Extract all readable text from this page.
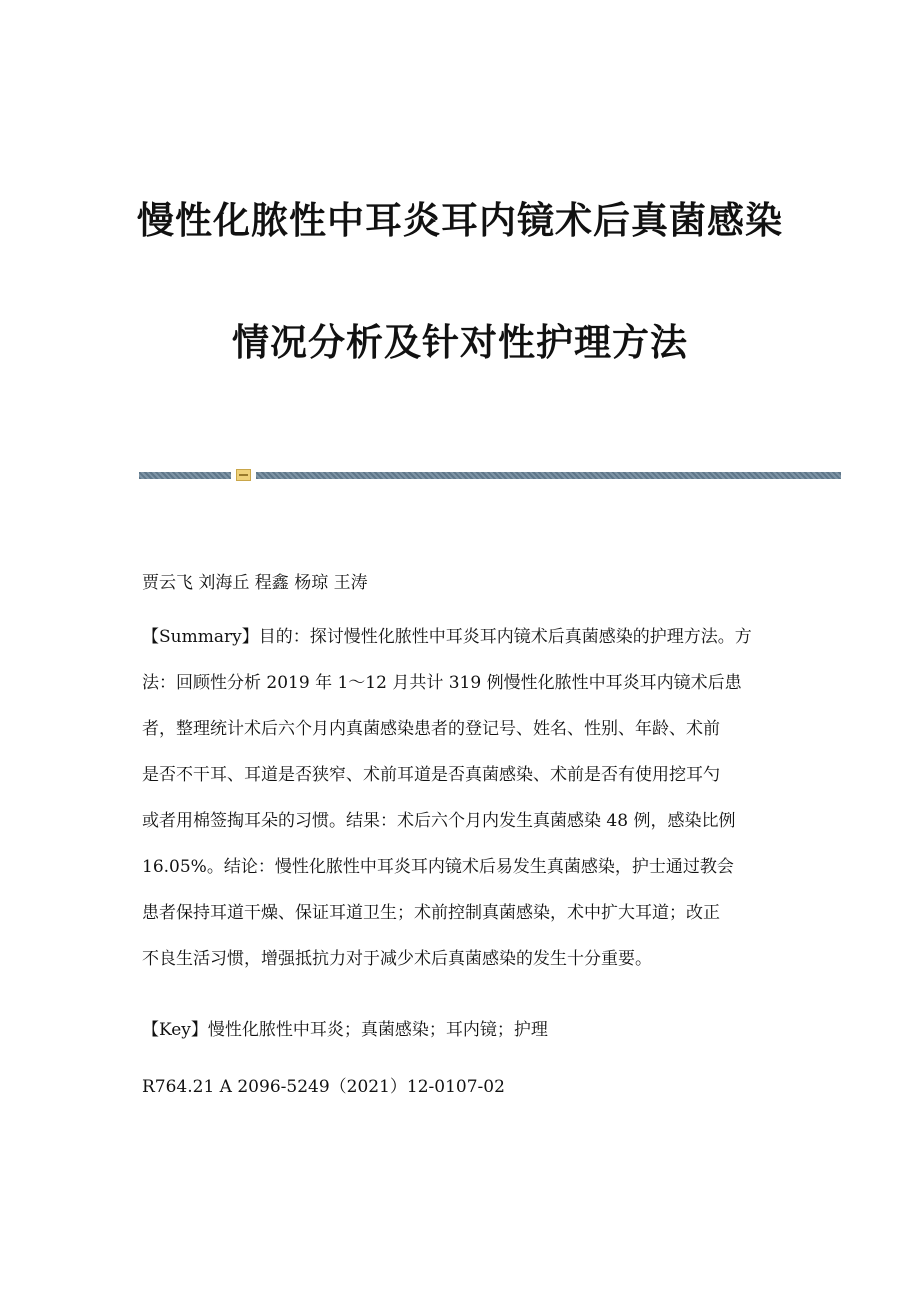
慢性化脓性中耳炎耳内镜术后真菌感染
情况分析及针对性护理方法
贾云飞 刘海丘 程鑫 杨琼 王涛
【Summary】目的：探讨慢性化脓性中耳炎耳内镜术后真菌感染的护理方法。方
法：回顾性分析 2019 年 1～12 月共计 319 例慢性化脓性中耳炎耳内镜术后患
者，整理统计术后六个月内真菌感染患者的登记号、姓名、性别、年龄、术前
是否不干耳、耳道是否狭窄、术前耳道是否真菌感染、术前是否有使用挖耳勺
或者用棉签掏耳朵的习惯。结果：术后六个月内发生真菌感染 48 例，感染比例
16.05%。结论：慢性化脓性中耳炎耳内镜术后易发生真菌感染，护士通过教会
患者保持耳道干燥、保证耳道卫生；术前控制真菌感染，术中扩大耳道；改正
不良生活习惯，增强抵抗力对于减少术后真菌感染的发生十分重要。
【Key】慢性化脓性中耳炎；真菌感染；耳内镜；护理
R764.21 A 2096-5249（2021）12-0107-02
